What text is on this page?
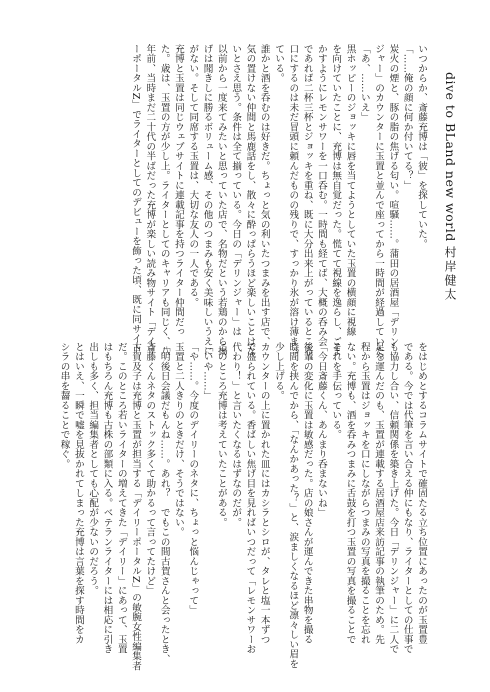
dive to BLand new world
村岸健太

いつからか、斎藤充博は「彼」を探していた。

「……俺の顔に何か付いてる？」

炭火の煙と、豚の脂の焦げる匂い。喧騒……。蒲田の居酒屋「デリン

ジャー」のカウンターに玉置と並んで座ってから一時間が経過していた。

「あ、……いえ」

黒ホッピーのジョッキに唇を当てようとしていた玉置の横顔に視線

を向けていたことに、充博は無自覚だった。慌てて視線を逸らし、ごま

かすようにレモンサワーを一口呑む。一時間も経てば、大概の呑み会

であれば二杯三杯とジョッキを重ね、既に大分出来上がっているところ。

口にするのは未だ冒頭に頼んだものの残りで、すっかり氷が溶け薄まっ

ている。

誰かと酒を呑むのは好きだ。ちょっと気の利いたつまみを出す店で、

気の置けない仲間と馬鹿話をし、散々に酔っぱらうほど楽しいことはな

いとさえ思う。条件は全て揃っている。今日の「デリンジャー」は

以前から一度来てみたいと思っていた店で、名物だという若鶏のから揚

げは聞きしに勝るボリューム感、その他のつまみも安く美味しいうえに

がない。そして同席する玉置は、大切な友人の一人である。

充博と玉置は同じウェブサイトに連載記事を持つライター仲間だっ

た。歳は、玉置の方が少し上。ライターとしてのキャリアも同じく、八

年前、当時まだ二十代の半ばだった充博が楽しい読み物サイト「デイリ

ーポータルZ」でライターとしてのデビューを飾った頃、既に同サイト

をはじめとするコラムサイトで確固たる立ち位置にあったのが玉置豊

である。今では代筆を言い合える仲にもなり、ライターとしての仕事で

も協力し合い、信頼関係を築き上げた。今日「デリンジャー」に二人で

足を運んだのも、玉置が連載する居酒屋店来訪記事の執筆のため。先

程から玉置はジョッキを口にしながらつまみの写真を撮ることを忘れ

ない。充博も、酒を呑みつまみに舌鼓を打つ玉置の写真を撮ることで

それを手伝っている。

「今日斎藤くん、あんまり呑まないね」

後輩の変化に玉置は敏感だった。店の娘さんが運んできた串物を撮る

時間を挟んでから、「なんかあった？」と、涙ましくなるほど凛々しい眉を

少し上げる。

カウンターの上に置かれた皿にはカシラとシロが、タレと塩一本ずつ

で盛られている。香ばしい焦げ目を見ればいつだって「レモンサワーお

代わり！」と言いたくなるはずなのだが。

このところ充博は考えていたことがある。

「いや……」

「や……。今度のデイリーのネタに、ちょっと悩んじゃって」

玉置と二人きりのときだけ、そうではない。

「明後日会議だもんね……。あれ？　でもこの間古賀さんと会ったとき、

斎藤くんネタのストック多くて助かるって言ってたけど」

古賀及子は充博と玉置が担当する「デイリーポータルZ」の敏腕女性編集者

だ。このところ若いライターの増えてきた「デイリー」にあって、玉置

はもちろん充博も古株の部類に入る。ベテランライターには相応に引き

出しも多く、担当編集者としても心配が少ないのだろう。

とはいえ、一瞬で嘘を見抜かれてしまった充博は言葉を探す時間をカ

シラの串を齧ることで稼ぐ。
